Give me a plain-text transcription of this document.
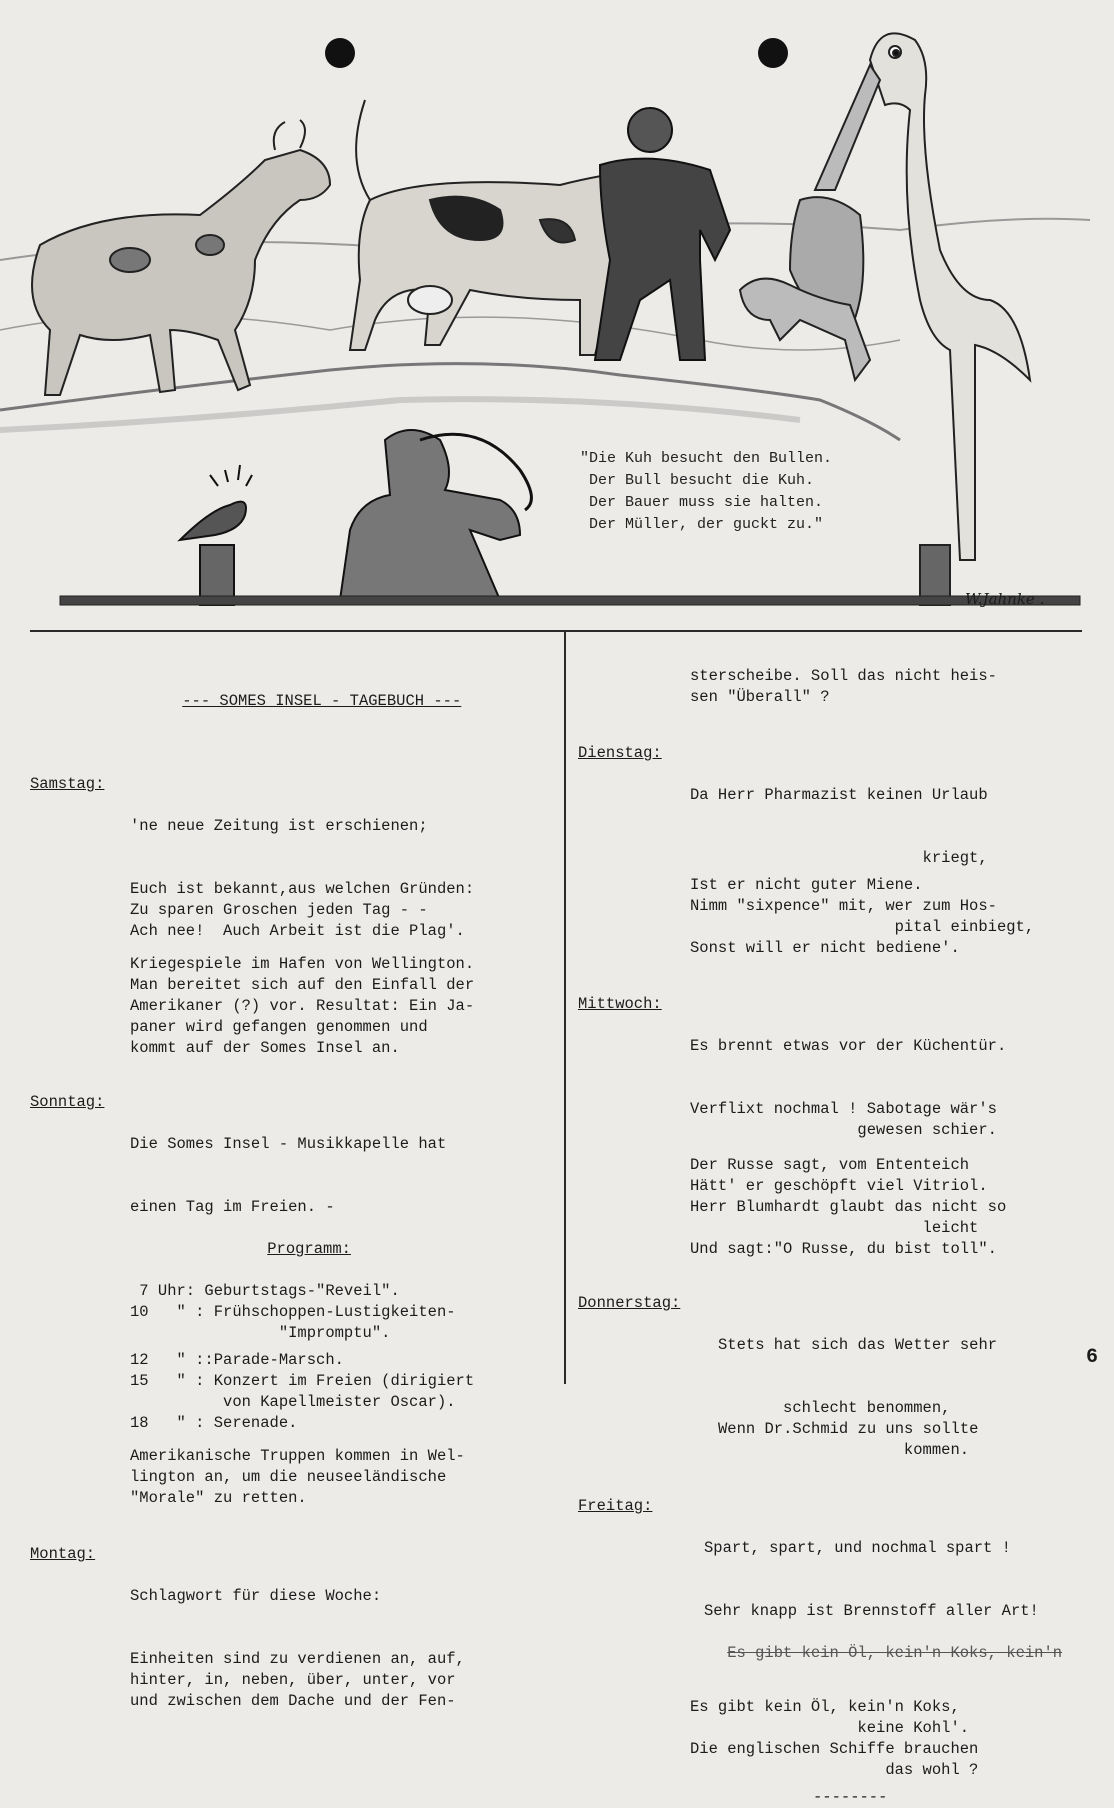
W.Jahnke .
"Die Kuh besucht den Bullen.
Der Bull besucht die Kuh.
Der Bauer muss sie halten.
Der Müller, der guckt zu."

--- SOMES INSEL - TAGEBUCH ---

Samstag:

'ne neue Zeitung ist erschienen;

Euch ist bekannt,aus welchen Gründen:
Zu sparen Groschen jeden Tag - -
Ach nee!  Auch Arbeit ist die Plag'.
Kriegespiele im Hafen von Wellington.
Man bereitet sich auf den Einfall der
Amerikaner (?) vor. Resultat: Ein Ja-
paner wird gefangen genommen und
kommt auf der Somes Insel an.

Sonntag:

Die Somes Insel - Musikkapelle hat

einen Tag im Freien. -

Programm:

7 Uhr: Geburtstags-"Reveil".
10   " : Frühschoppen-Lustigkeiten-
"Impromptu".
12   " ::Parade-Marsch.
15   " : Konzert im Freien (dirigiert
von Kapellmeister Oscar).
18   " : Serenade.
Amerikanische Truppen kommen in Wel-
lington an, um die neuseeländische
"Morale" zu retten.

Montag:

Schlagwort für diese Woche:

Einheiten sind zu verdienen an, auf,
hinter, in, neben, über, unter, vor
und zwischen dem Dache und der Fen-
sterscheibe. Soll das nicht heis-
sen "Überall" ?

Dienstag:

Da Herr Pharmazist keinen Urlaub

kriegt,
Ist er nicht guter Miene.
Nimm "sixpence" mit, wer zum Hos-
pital einbiegt,
Sonst will er nicht bediene'.

Mittwoch:

Es brennt etwas vor der Küchentür.

Verflixt nochmal ! Sabotage wär's
gewesen schier.
Der Russe sagt, vom Ententeich
Hätt' er geschöpft viel Vitriol.
Herr Blumhardt glaubt das nicht so
leicht
Und sagt:"O Russe, du bist toll".

Donnerstag:

Stets hat sich das Wetter sehr

schlecht benommen,
Wenn Dr.Schmid zu uns sollte
kommen.

Freitag:

Spart, spart, und nochmal spart !

Sehr knapp ist Brennstoff aller Art!

Es gibt kein Öl, kein'n Koks, kein'n

Es gibt kein Öl, kein'n Koks,
keine Kohl'.
Die englischen Schiffe brauchen
das wohl ?
--------
6
